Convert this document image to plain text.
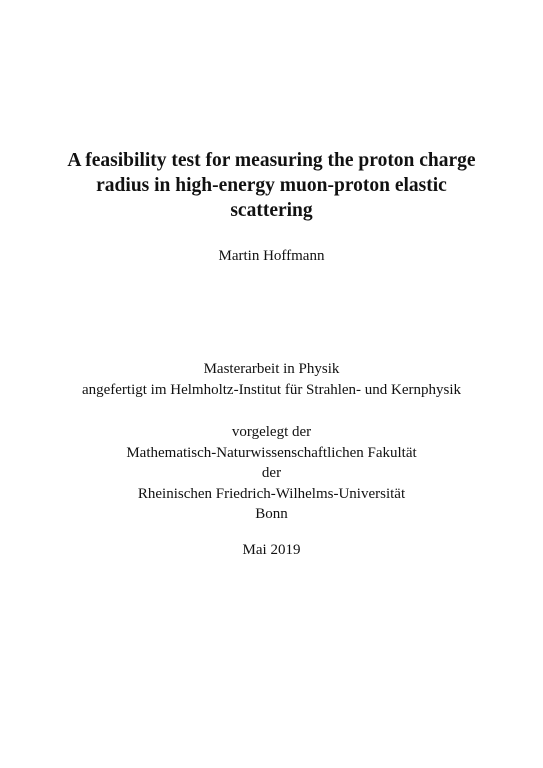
A feasibility test for measuring the proton charge
radius in high-energy muon-proton elastic
scattering
Martin Hoffmann
Masterarbeit in Physik
angefertigt im Helmholtz-Institut für Strahlen- und Kernphysik
vorgelegt der
Mathematisch-Naturwissenschaftlichen Fakultät
der
Rheinischen Friedrich-Wilhelms-Universität
Bonn
Mai 2019
